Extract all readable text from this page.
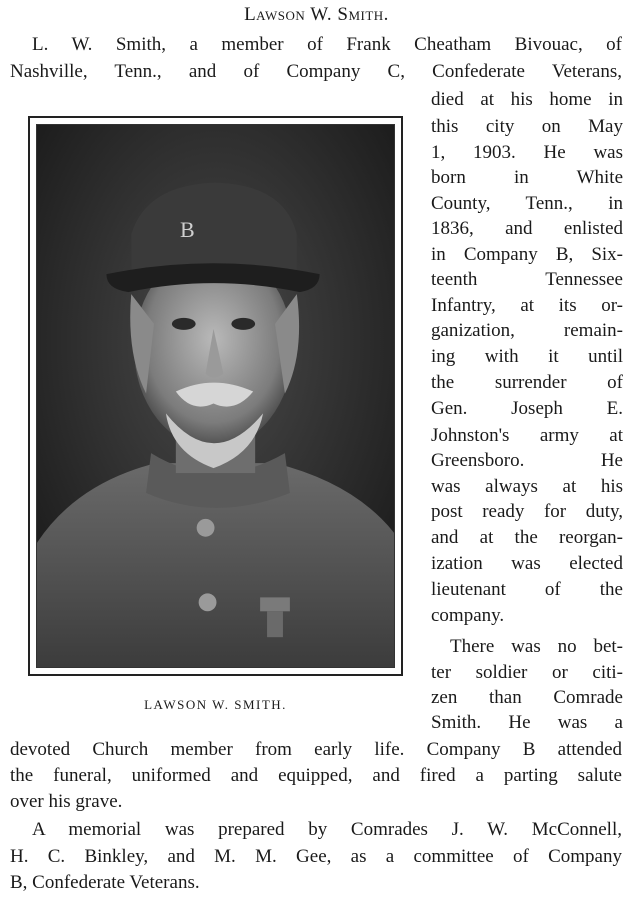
Lawson W. Smith.
L. W. Smith, a member of Frank Cheatham Bivouac, of
Nashville, Tenn., and of Company C, Confederate Veterans,
B
LAWSON W. SMITH.
died at his home in
this city on May
1, 1903. He was
born in White
County, Tenn., in
1836, and enlisted
in Company B, Six-
teenth Tennessee
Infantry, at its or-
ganization, remain-
ing with it until
the surrender of
Gen. Joseph E.
Johnston's army at
Greensboro. He
was always at his
post ready for duty,
and at the reorgan-
ization was elected
lieutenant of the
company.
There was no bet-
ter soldier or citi-
zen than Comrade
Smith. He was a
devoted Church member from early life. Company B attended
the funeral, uniformed and equipped, and fired a parting salute
over his grave.
A memorial was prepared by Comrades J. W. McConnell,
H. C. Binkley, and M. M. Gee, as a committee of Company
B, Confederate Veterans.
